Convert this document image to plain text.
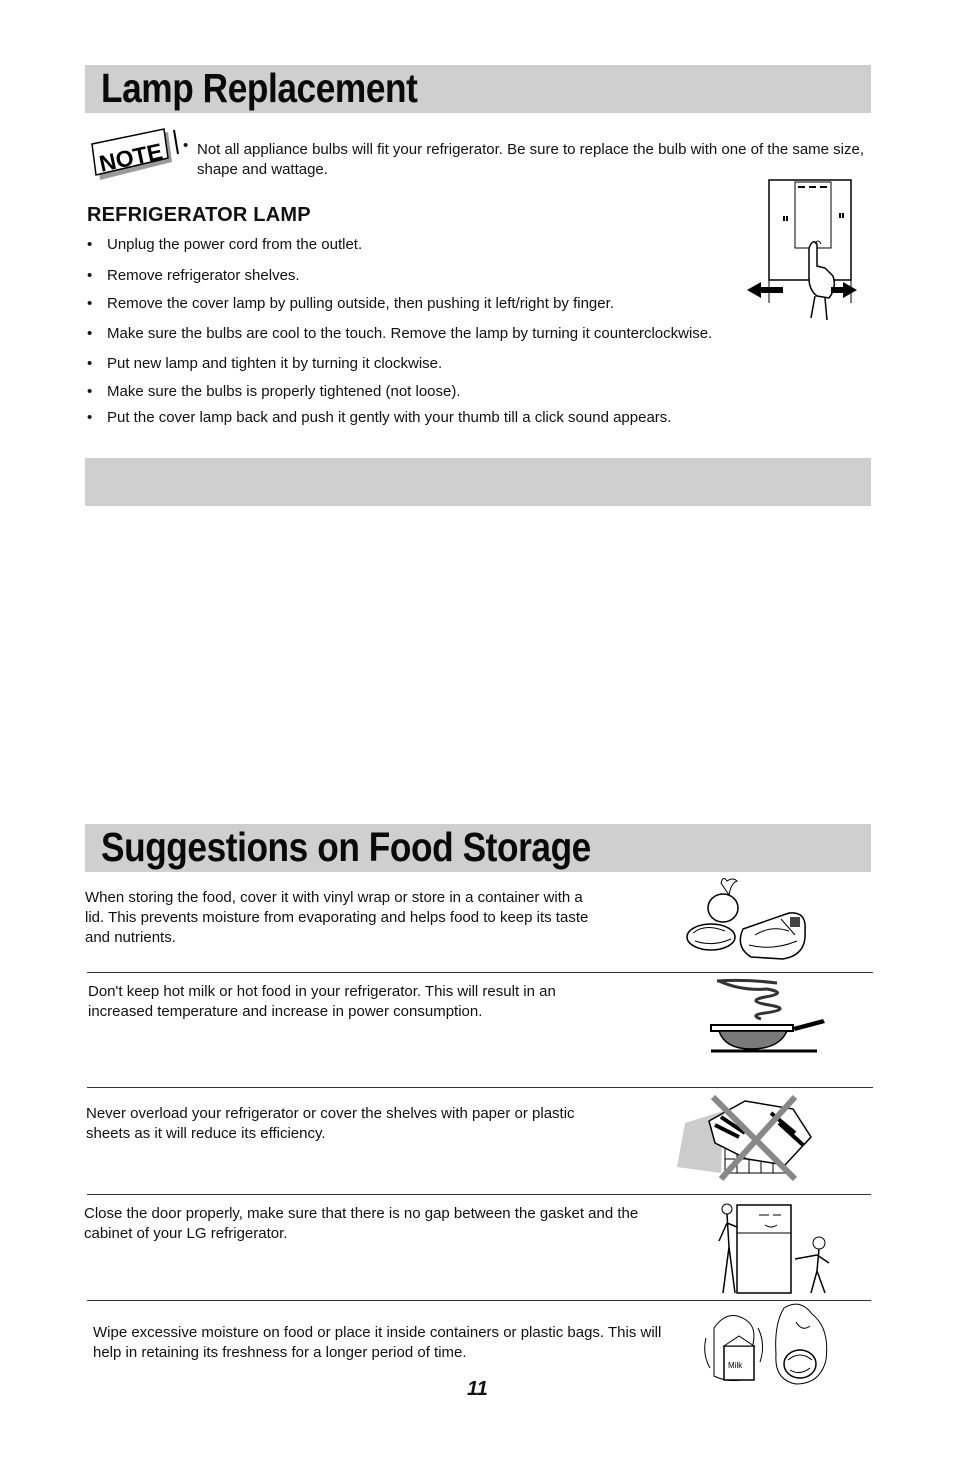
Lamp Replacement
NOTE • Not all appliance bulbs will fit your refrigerator. Be sure to replace the bulb with one of the same size, shape and wattage.

REFRIGERATOR LAMP
• Unplug the power cord from the outlet.
• Remove refrigerator shelves.
• Remove the cover lamp by pulling outside, then pushing it left/right by finger.
• Make sure the bulbs are cool to the touch. Remove the lamp by turning it counterclockwise.
• Put new lamp and tighten it by turning it clockwise.
• Make sure the bulbs is properly tightened (not loose).
• Put the cover lamp back and push it gently with your thumb till a click sound appears.
Suggestions on Food Storage

When storing the food, cover it with vinyl wrap or store in a container with a lid. This prevents moisture from evaporating and helps food to keep its taste and nutrients.

Don't keep hot milk or hot food in your refrigerator. This will result in an increased temperature and increase in power consumption.

Never overload your refrigerator or cover the shelves with paper or plastic sheets as it will reduce its efficiency.

Close the door properly, make sure that there is no gap between the gasket and the cabinet of your LG refrigerator.

Wipe excessive moisture on food or place it inside containers or plastic bags. This will help in retaining its freshness for a longer period of time.

Milk

11
